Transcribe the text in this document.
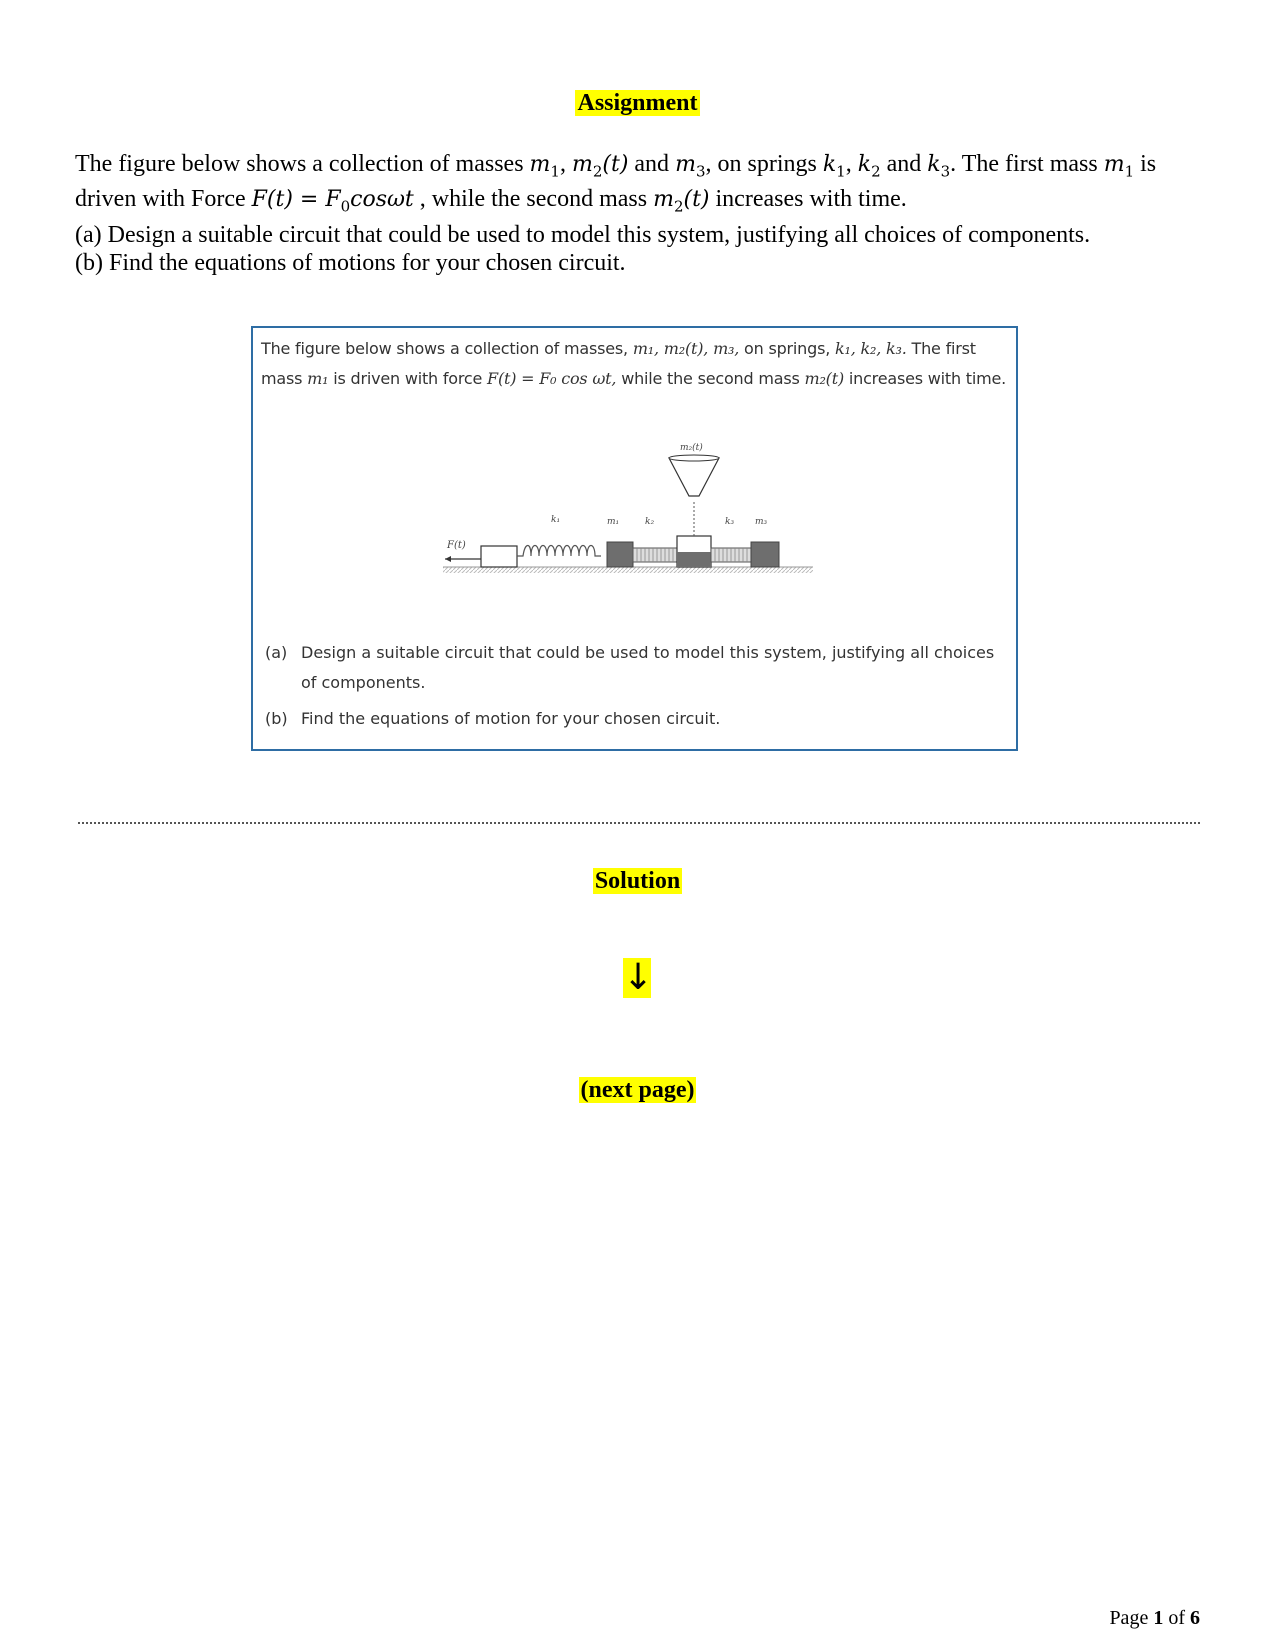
Assignment

The figure below shows a collection of masses $m_1$, $m_2(t)$ and $m_3$, on springs $k_1$, $k_2$ and $k_3$. The first mass $m_1$ is driven with Force $F(t) = F_0\cos\omega t$ , while the second mass $m_2(t)$ increases with time.

(a) Design a suitable circuit that could be used to model this system, justifying all choices of components.

(b) Find the equations of motions for your chosen circuit.

The figure below shows a collection of masses, m₁, m₂(t), m₃, on springs, k₁, k₂, k₃. The first mass m₁ is driven with force F(t) = F₀ cos ωt, while the second mass m₂(t) increases with time.
F(t)
k₁	m₁	k₂
m₂(t)
k₃ m₃
(a) Design a suitable circuit that could be used to model this system, justifying all choices
of components.
(b) Find the equations of motion for your chosen circuit.
Solution
↓
(next page)
Page 1 of 6
